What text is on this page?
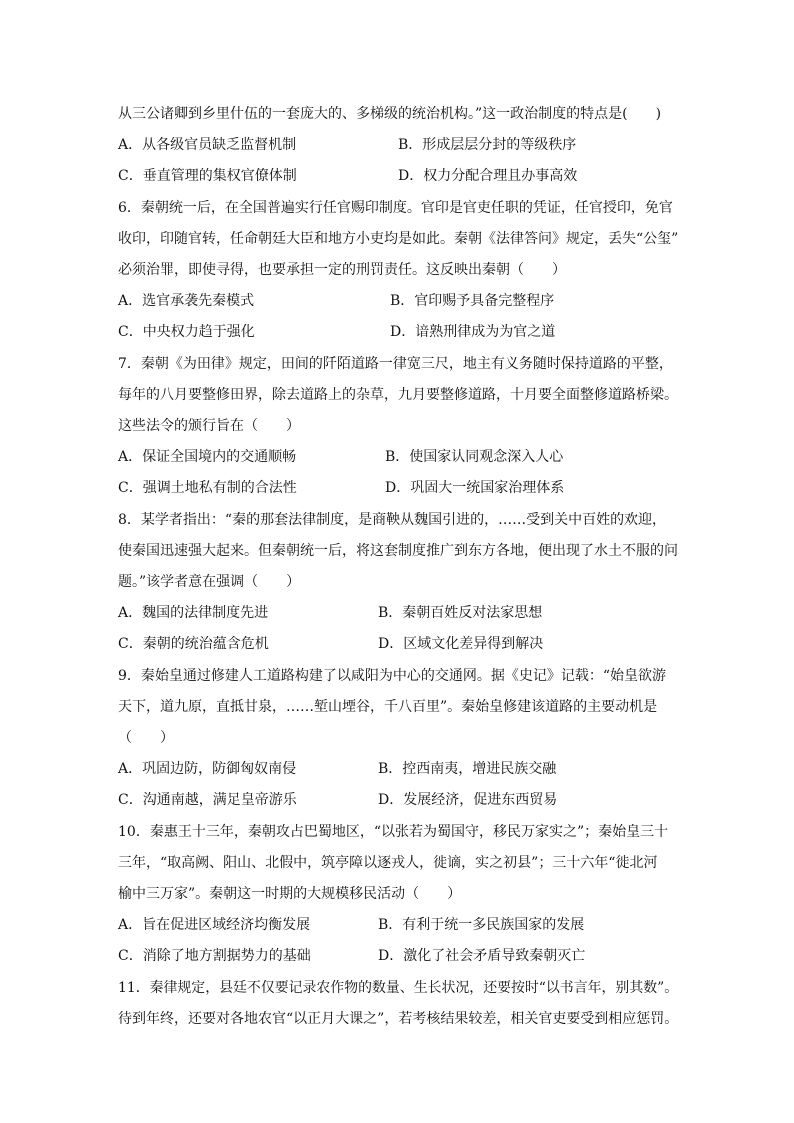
从三公诸卿到乡里什伍的一套庞大的、多梯级的统治机构。”这一政治制度的特点是(　　)
A．从各级官员缺乏监督机制	B．形成层层分封的等级秩序
C．垂直管理的集权官僚体制	D．权力分配合理且办事高效
6．秦朝统一后，在全国普遍实行任官赐印制度。官印是官吏任职的凭证，任官授印，免官
收印，印随官转，任命朝廷大臣和地方小吏均是如此。秦朝《法律答问》规定，丢失“公玺”
必须治罪，即使寻得，也要承担一定的刑罚责任。这反映出秦朝（　　）
A．选官承袭先秦模式	B．官印赐予具备完整程序
C．中央权力趋于强化	D．谙熟刑律成为为官之道
7．秦朝《为田律》规定，田间的阡陌道路一律宽三尺，地主有义务随时保持道路的平整，
每年的八月要整修田界，除去道路上的杂草，九月要整修道路，十月要全面整修道路桥梁。
这些法令的颁行旨在（　　）
A．保证全国境内的交通顺畅	B．使国家认同观念深入人心
C．强调土地私有制的合法性	D．巩固大一统国家治理体系
8．某学者指出：“秦的那套法律制度，是商鞅从魏国引进的，……受到关中百姓的欢迎，
使秦国迅速强大起来。但秦朝统一后，将这套制度推广到东方各地，便出现了水土不服的问
题。”该学者意在强调（　　）
A．魏国的法律制度先进	B．秦朝百姓反对法家思想
C．秦朝的统治蕴含危机	D．区域文化差异得到解决
9．秦始皇通过修建人工道路构建了以咸阳为中心的交通网。据《史记》记载：“始皇欲游
天下，道九原，直抵甘泉，……堑山堙谷，千八百里”。秦始皇修建该道路的主要动机是
（　　）
A．巩固边防，防御匈奴南侵	B．控西南夷，增进民族交融
C．沟通南越，满足皇帝游乐	D．发展经济，促进东西贸易
10．秦惠王十三年，秦朝攻占巴蜀地区，“以张若为蜀国守，移民万家实之”；秦始皇三十
三年，“取高阙、阳山、北假中，筑亭障以逐戎人，徙谪，实之初县”；三十六年“徙北河
榆中三万家”。秦朝这一时期的大规模移民活动（　　）
A．旨在促进区域经济均衡发展	B．有利于统一多民族国家的发展
C．消除了地方割据势力的基础	D．激化了社会矛盾导致秦朝灭亡
11．秦律规定，县廷不仅要记录农作物的数量、生长状况，还要按时“以书言年，别其数”。
待到年终，还要对各地农官“以正月大课之”，若考核结果较差，相关官吏要受到相应惩罚。
